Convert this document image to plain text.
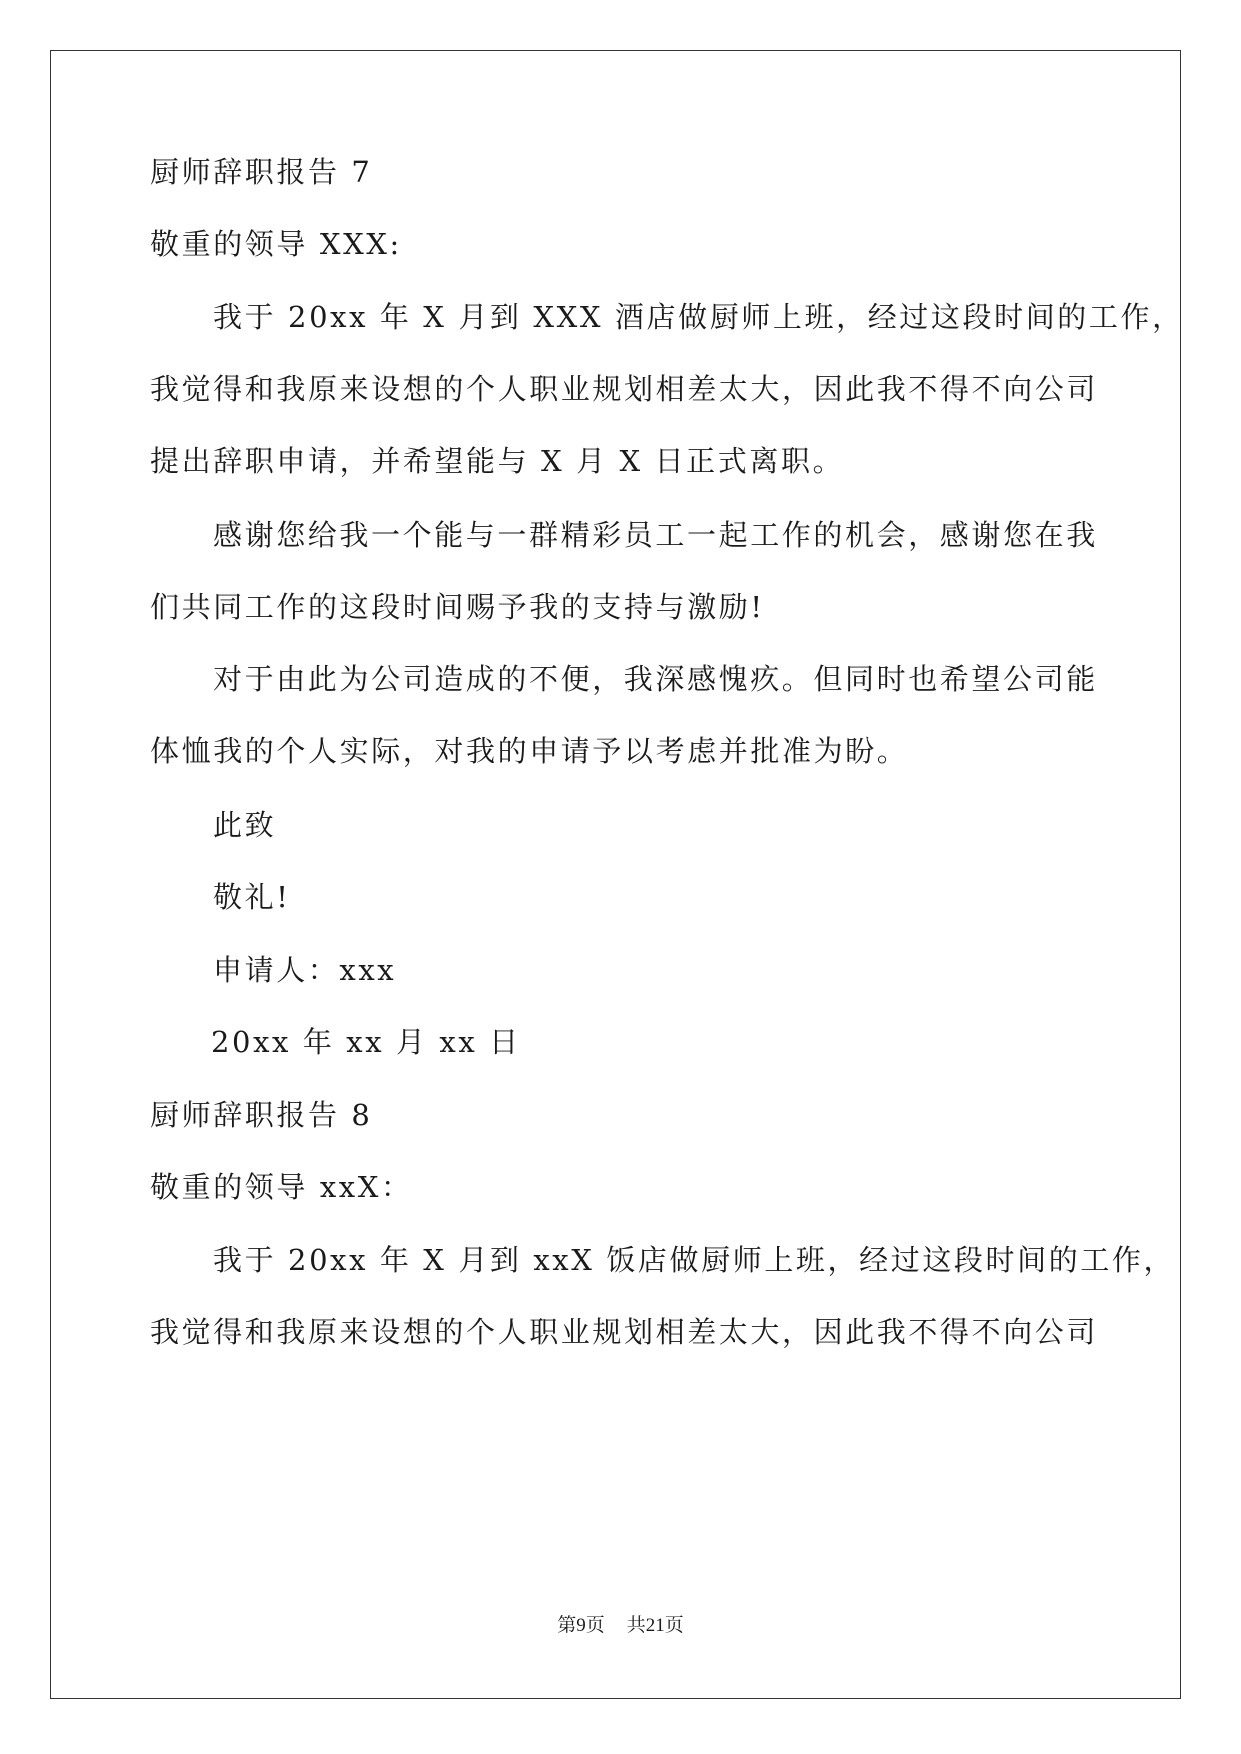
厨师辞职报告 7
敬重的领导 XXX:
我于 20xx 年 X 月到 XXX 酒店做厨师上班，经过这段时间的工作，
我觉得和我原来设想的个人职业规划相差太大，因此我不得不向公司
提出辞职申请，并希望能与 X 月 X 日正式离职。
感谢您给我一个能与一群精彩员工一起工作的机会，感谢您在我
们共同工作的这段时间赐予我的支持与激励!
对于由此为公司造成的不便，我深感愧疚。但同时也希望公司能
体恤我的个人实际，对我的申请予以考虑并批准为盼。
此致
敬礼!
申请人：xxx
20xx 年 xx 月 xx 日
厨师辞职报告 8
敬重的领导 xxX：
我于 20xx 年 X 月到 xxX 饭店做厨师上班，经过这段时间的工作，
我觉得和我原来设想的个人职业规划相差太大，因此我不得不向公司
第9页 共21页
